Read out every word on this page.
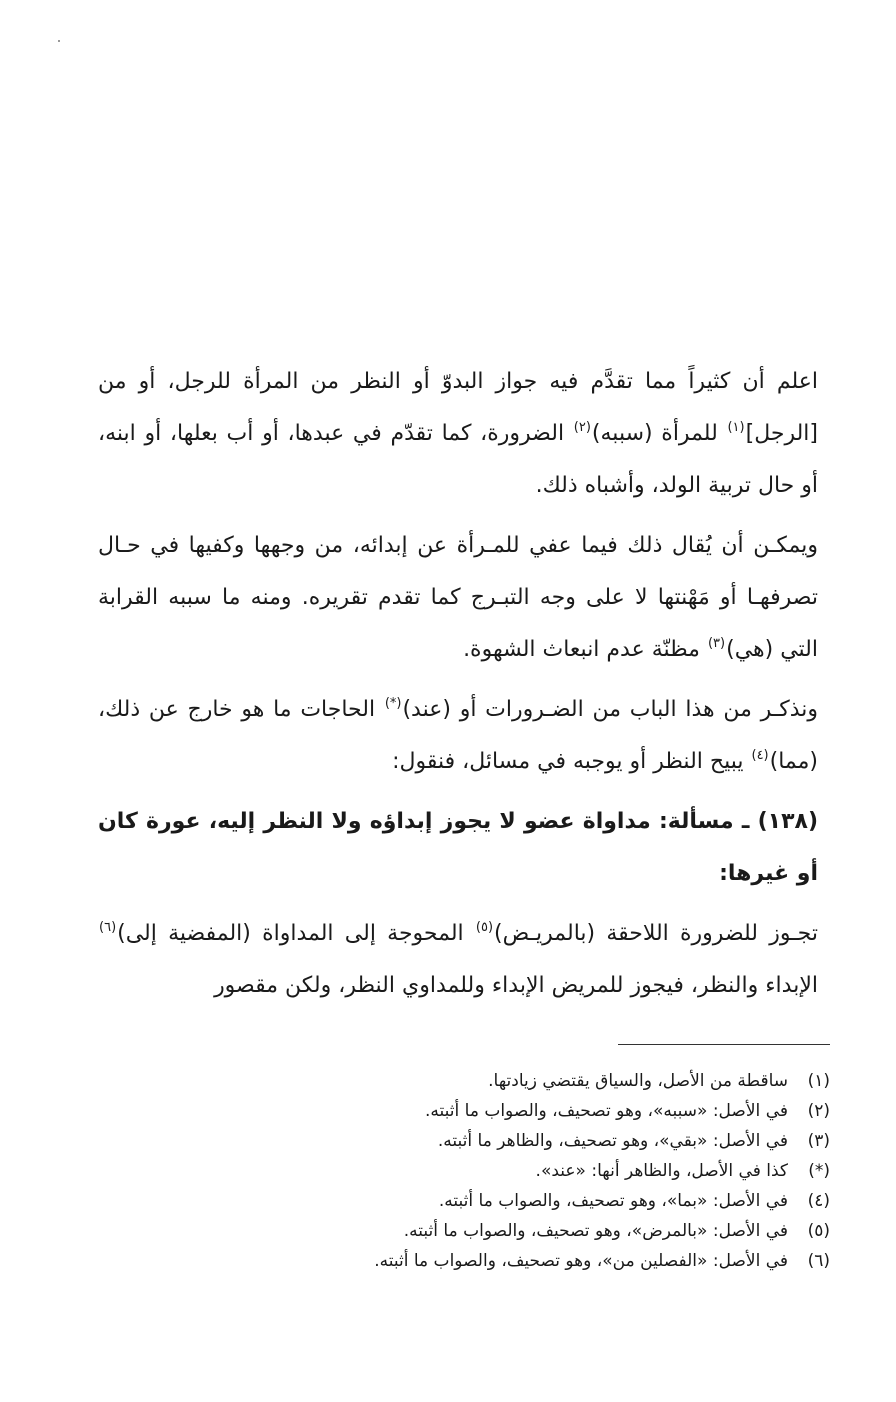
اعلم أن كثيراً مما تقدَّم فيه جواز البدوّ أو النظر من المرأة للرجل، أو من [الرجل]$^{(١)}$ للمرأة (سببه)$^{(٢)}$ الضرورة، كما تقدّم في عبدها، أو أب بعلها، أو ابنه، أو حال تربية الولد، وأشباه ذلك.

ويمكـن أن يُقال ذلك فيما عفي للمـرأة عن إبدائه، من وجهها وكفيها في حـال تصرفهـا أو مَهْنتها لا على وجه التبـرج كما تقدم تقريره. ومنه ما سببه القرابة التي (هي)$^{(٣)}$ مظنّة عدم انبعاث الشهوة.

ونذكـر من هذا الباب من الضـرورات أو (عند)(*) الحاجات ما هو خارج عن ذلك، (مما)$^{(٤)}$ يبيح النظر أو يوجبه في مسائل، فنقول:

(١٣٨) ـ مسألة: مداواة عضو لا يجوز إبداؤه ولا النظر إليه، عورة كان أو غيرها:

تجـوز للضرورة اللاحقة (بالمريـض)$^{(٥)}$ المحوجة إلى المداواة (المفضية إلى)$^{(٦)}$ الإبداء والنظر، فيجوز للمريض الإبداء وللمداوي النظر، ولكن مقصور

(١)
ساقطة من الأصل، والسياق يقتضي زيادتها.
(٢)
في الأصل: «سببه»، وهو تصحيف، والصواب ما أثبته.
(٣)
في الأصل: «بقي»، وهو تصحيف، والظاهر ما أثبته.
(*)
كذا في الأصل، والظاهر أنها: «عند».
(٤)
في الأصل: «بما»، وهو تصحيف، والصواب ما أثبته.
(٥)
في الأصل: «بالمرض»، وهو تصحيف، والصواب ما أثبته.
(٦)
في الأصل: «الفصلين من»، وهو تصحيف، والصواب ما أثبته.
